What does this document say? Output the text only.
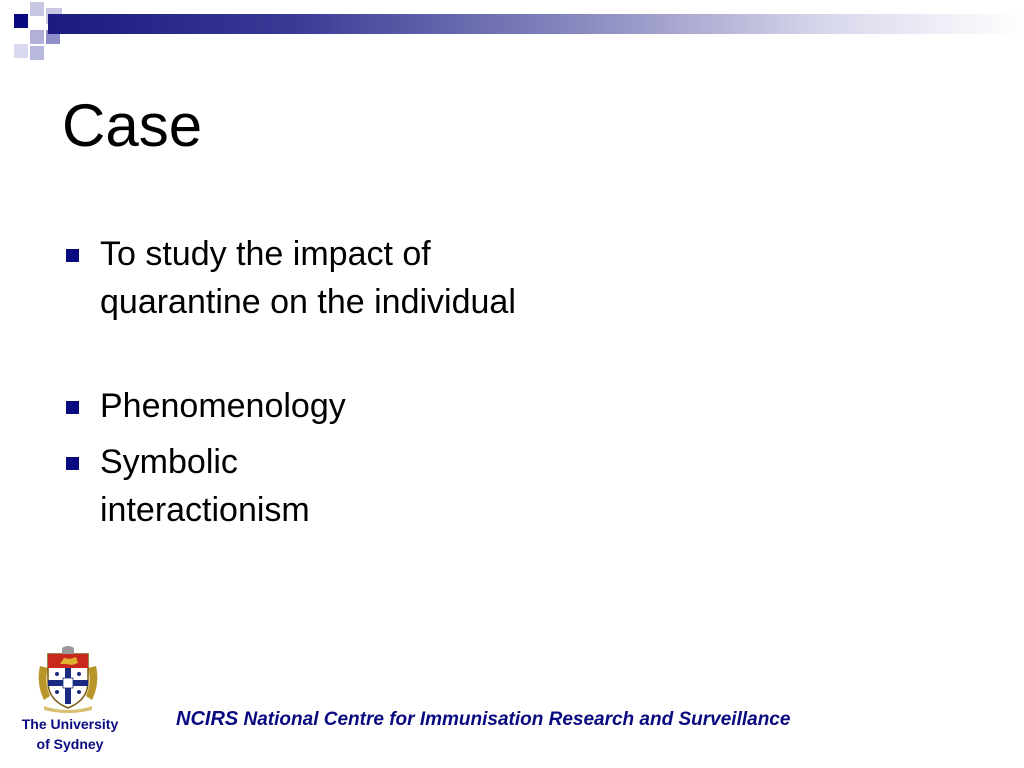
Case
To study the impact of quarantine on the individual
Phenomenology
Symbolic interactionism
The University
of Sydney
NCIRS National Centre for Immunisation Research and Surveillance
